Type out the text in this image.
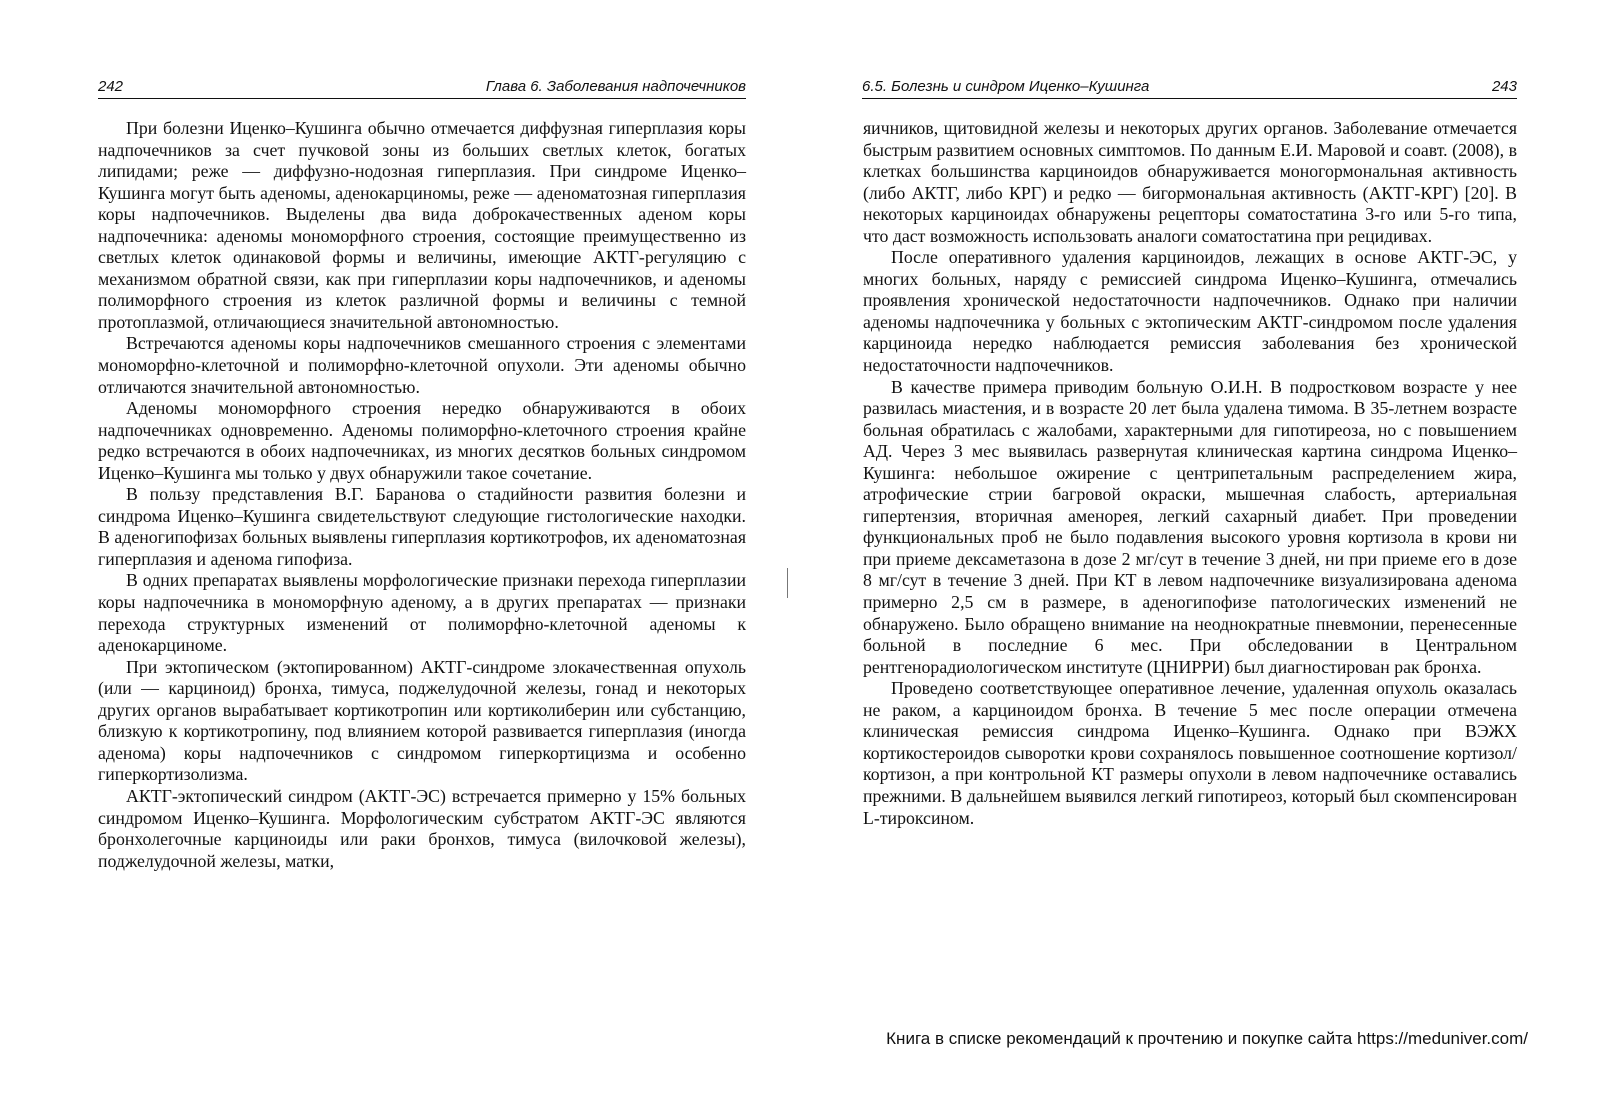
242	Глава 6. Заболевания надпочечников

При болезни Иценко–Кушинга обычно отмечается диффузная гиперплазия коры надпочечников за счет пучковой зоны из больших светлых клеток, богатых липидами; реже — диффузно-нодозная гиперплазия. При синдроме Иценко–Кушинга могут быть аденомы, аденокарциномы, реже — аденоматозная гиперплазия коры надпочечников. Выделены два вида доброкачественных аденом коры надпочечника: аденомы мономорфного строения, состоящие преимущественно из светлых клеток одинаковой формы и величины, имеющие АКТГ-регуляцию с механизмом обратной связи, как при гиперплазии коры надпочечников, и аденомы полиморфного строения из клеток различной формы и величины с темной протоплазмой, отличающиеся значительной автономностью.

Встречаются аденомы коры надпочечников смешанного строения с элементами мономорфно-клеточной и полиморфно-клеточной опухоли. Эти аденомы обычно отличаются значительной автономностью.

Аденомы мономорфного строения нередко обнаруживаются в обоих надпочечниках одновременно. Аденомы полиморфно-клеточного строения крайне редко встречаются в обоих надпочечниках, из многих десятков больных синдромом Иценко–Кушинга мы только у двух обнаружили такое сочетание.

В пользу представления В.Г. Баранова о стадийности развития болезни и синдрома Иценко–Кушинга свидетельствуют следующие гистологические находки. В аденогипофизах больных выявлены гиперплазия кортикотрофов, их аденоматозная гиперплазия и аденома гипофиза.

В одних препаратах выявлены морфологические признаки перехода гиперплазии коры надпочечника в мономорфную аденому, а в других препаратах — признаки перехода структурных изменений от полиморфно-клеточной аденомы к аденокарциноме.

При эктопическом (эктопированном) АКТГ-синдроме злокачественная опухоль (или — карциноид) бронха, тимуса, поджелудочной железы, гонад и некоторых других органов вырабатывает кортикотропин или кортиколиберин или субстанцию, близкую к кортикотропину, под влиянием которой развивается гиперплазия (иногда аденома) коры надпочечников с синдромом гиперкортицизма и особенно гиперкортизолизма.

АКТГ-эктопический синдром (АКТГ-ЭС) встречается примерно у 15% больных синдромом Иценко–Кушинга. Морфологическим субстратом АКТГ-ЭС являются бронхолегочные карциноиды или раки бронхов, тимуса (вилочковой железы), поджелудочной железы, матки,

6.5. Болезнь и синдром Иценко–Кушинга	243

яичников, щитовидной железы и некоторых других органов. Заболевание отмечается быстрым развитием основных симптомов. По данным Е.И. Маровой и соавт. (2008), в клетках большинства карциноидов обнаруживается моногормональная активность (либо АКТГ, либо КРГ) и редко — бигормональная активность (АКТГ-КРГ) [20]. В некоторых карциноидах обнаружены рецепторы соматостатина 3-го или 5-го типа, что даст возможность использовать аналоги соматостатина при рецидивах.

После оперативного удаления карциноидов, лежащих в основе АКТГ-ЭС, у многих больных, наряду с ремиссией синдрома Иценко–Кушинга, отмечались проявления хронической недостаточности надпочечников. Однако при наличии аденомы надпочечника у больных с эктопическим АКТГ-синдромом после удаления карциноида нередко наблюдается ремиссия заболевания без хронической недостаточности надпочечников.

В качестве примера приводим больную О.И.Н. В подростковом возрасте у нее развилась миастения, и в возрасте 20 лет была удалена тимома. В 35-летнем возрасте больная обратилась с жалобами, характерными для гипотиреоза, но с повышением АД. Через 3 мес выявилась развернутая клиническая картина синдрома Иценко–Кушинга: небольшое ожирение с центрипетальным распределением жира, атрофические стрии багровой окраски, мышечная слабость, артериальная гипертензия, вторичная аменорея, легкий сахарный диабет. При проведении функциональных проб не было подавления высокого уровня кортизола в крови ни при приеме дексаметазона в дозе 2 мг/сут в течение 3 дней, ни при приеме его в дозе 8 мг/сут в течение 3 дней. При КТ в левом надпочечнике визуализирована аденома примерно 2,5 см в размере, в аденогипофизе патологических изменений не обнаружено. Было обращено внимание на неоднократные пневмонии, перенесенные больной в последние 6 мес. При обследовании в Центральном рентгенорадиологическом институте (ЦНИРРИ) был диагностирован рак бронха.

Проведено соответствующее оперативное лечение, удаленная опухоль оказалась не раком, а карциноидом бронха. В течение 5 мес после операции отмечена клиническая ремиссия синдрома Иценко–Кушинга. Однако при ВЭЖХ кортикостероидов сыворотки крови сохранялось повышенное соотношение кортизол/кортизон, а при контрольной КТ размеры опухоли в левом надпочечнике оставались прежними. В дальнейшем выявился легкий гипотиреоз, который был скомпенсирован L-тироксином.

Книга в списке рекомендаций к прочтению и покупке сайта https://meduniver.com/
